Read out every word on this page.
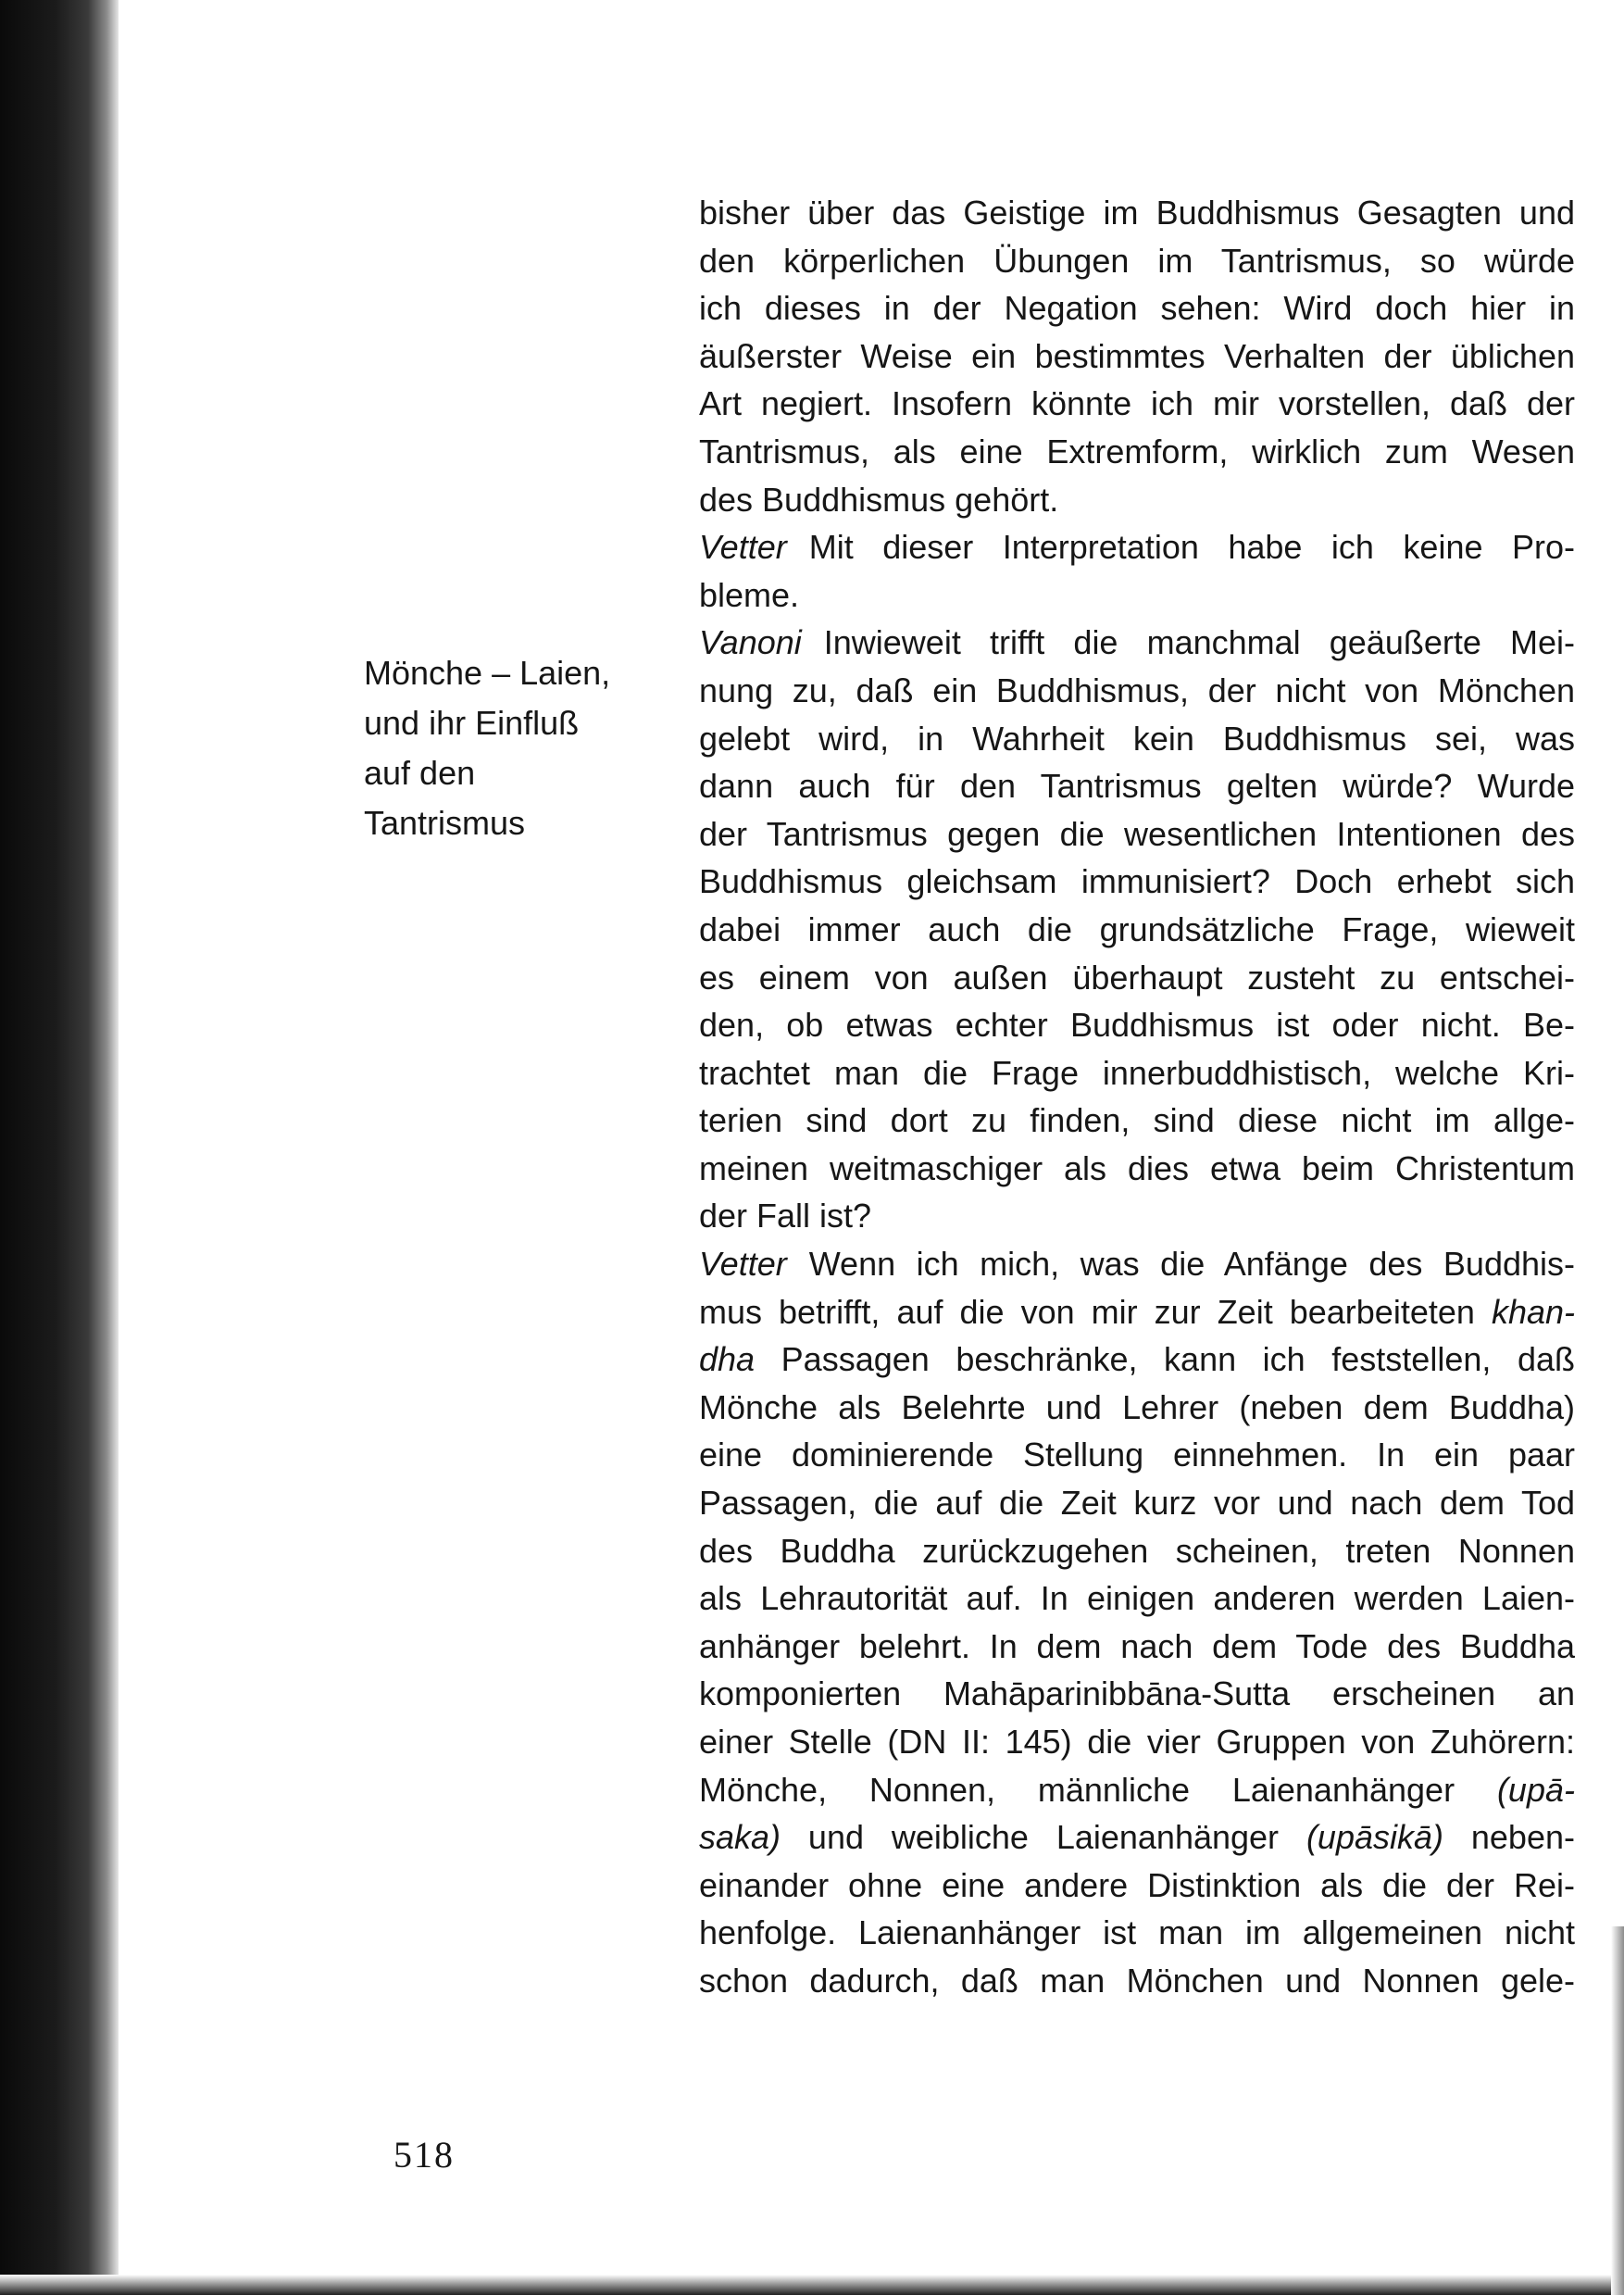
Mönche – Laien,
und ihr Einfluß
auf den
Tantrismus
bisher über das Geistige im Buddhismus Gesagten und
den körperlichen Übungen im Tantrismus, so würde
ich dieses in der Negation sehen: Wird doch hier in
äußerster Weise ein bestimmtes Verhalten der üblichen
Art negiert. Insofern könnte ich mir vorstellen, daß der
Tantrismus, als eine Extremform, wirklich zum Wesen
des Buddhismus gehört.
Vetter Mit dieser Interpretation habe ich keine Pro-
bleme.
Vanoni Inwieweit trifft die manchmal geäußerte Mei-
nung zu, daß ein Buddhismus, der nicht von Mönchen
gelebt wird, in Wahrheit kein Buddhismus sei, was
dann auch für den Tantrismus gelten würde? Wurde
der Tantrismus gegen die wesentlichen Intentionen des
Buddhismus gleichsam immunisiert? Doch erhebt sich
dabei immer auch die grundsätzliche Frage, wieweit
es einem von außen überhaupt zusteht zu entschei-
den, ob etwas echter Buddhismus ist oder nicht. Be-
trachtet man die Frage innerbuddhistisch, welche Kri-
terien sind dort zu finden, sind diese nicht im allge-
meinen weitmaschiger als dies etwa beim Christentum
der Fall ist?
Vetter Wenn ich mich, was die Anfänge des Buddhis-
mus betrifft, auf die von mir zur Zeit bearbeiteten khan-
dha Passagen beschränke, kann ich feststellen, daß
Mönche als Belehrte und Lehrer (neben dem Buddha)
eine dominierende Stellung einnehmen. In ein paar
Passagen, die auf die Zeit kurz vor und nach dem Tod
des Buddha zurückzugehen scheinen, treten Nonnen
als Lehrautorität auf. In einigen anderen werden Laien-
anhänger belehrt. In dem nach dem Tode des Buddha
komponierten Mahāparinibbāna-Sutta erscheinen an
einer Stelle (DN II: 145) die vier Gruppen von Zuhörern:
Mönche, Nonnen, männliche Laienanhänger (upā-
saka) und weibliche Laienanhänger (upāsikā) neben-
einander ohne eine andere Distinktion als die der Rei-
henfolge. Laienanhänger ist man im allgemeinen nicht
schon dadurch, daß man Mönchen und Nonnen gele-
518
